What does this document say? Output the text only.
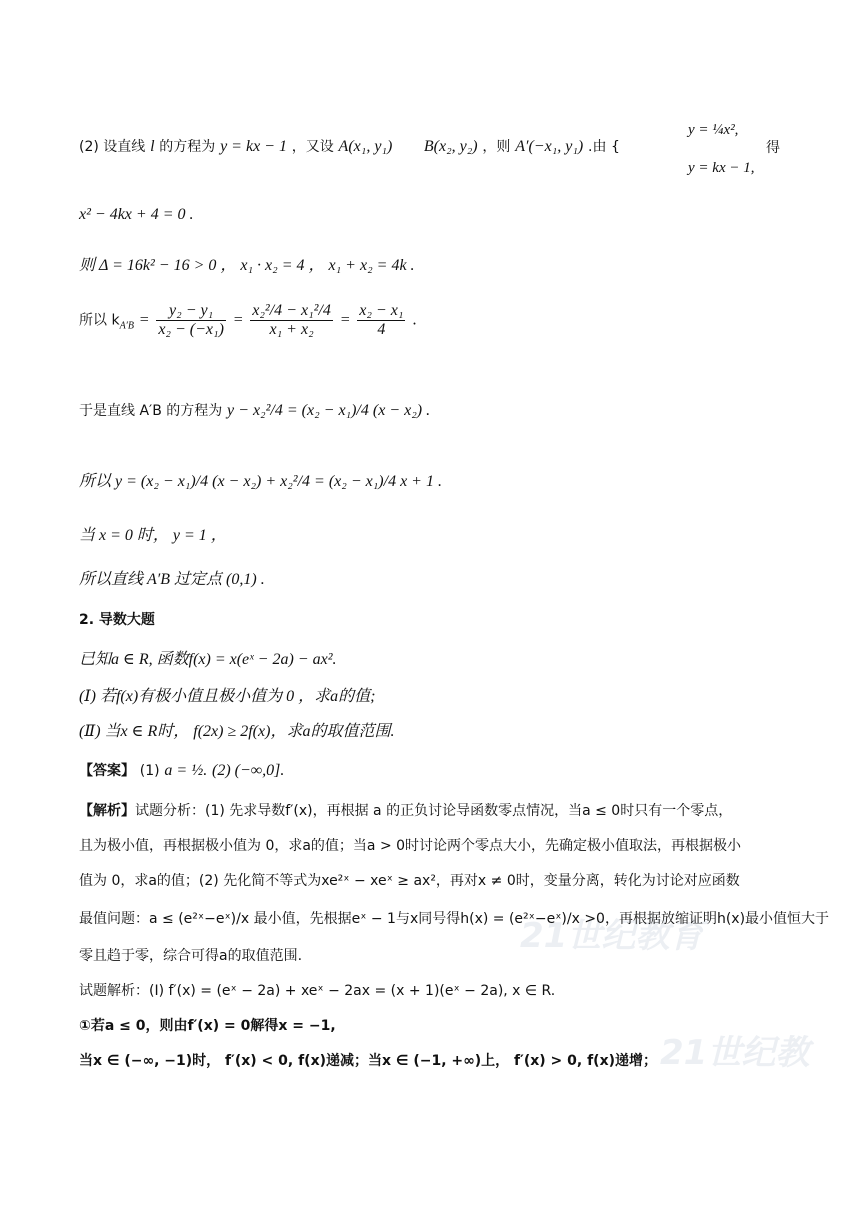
21世纪教育
21世纪教
(2) 设直线 l 的方程为 y = kx − 1 ，又设 A(x₁, y₁) B(x₂, y₂) ，则 A′(−x₁, y₁) .由 {
y = ¼x²,
y = kx − 1,
得
x² − 4kx + 4 = 0 .
则 Δ = 16k² − 16 > 0 ， x₁ · x₂ = 4 ， x₁ + x₂ = 4k .
所以 $k_{A'B} = \frac{\text{y₂ − y₁}}{\text{x₂ − (−x₁)}} = \frac{\text{x₂²/4 − x₁²/4}}{\text{x₁ + x₂}} = \frac{\text{x₂ − x₁}}{4}$ .
于是直线 A′B 的方程为 y − x₂²/4 = (x₂ − x₁)/4 (x − x₂) .
所以 y = (x₂ − x₁)/4 (x − x₂) + x₂²/4 = (x₂ − x₁)/4 x + 1 .
当 x = 0 时， y = 1 ，
所以直线 A′B 过定点 (0,1) .
2. 导数大题
已知a ∈ R, 函数f(x) = x(eˣ − 2a) − ax².
(Ⅰ) 若f(x)有极小值且极小值为 0 ，求a的值;
(Ⅱ) 当x ∈ R时， f(2x) ≥ 2f(x)，求a的取值范围.
【答案】 (1) a = ½. (2) (−∞,0].
【解析】试题分析：(1) 先求导数f′(x)，再根据 a 的正负讨论导函数零点情况，当a ≤ 0时只有一个零点，
且为极小值，再根据极小值为 0，求a的值；当a > 0时讨论两个零点大小，先确定极小值取法，再根据极小
值为 0，求a的值；(2) 先化简不等式为xe²ˣ − xeˣ ≥ ax²，再对x ≠ 0时，变量分离，转化为讨论对应函数
最值问题：a ≤ (e²ˣ−eˣ)/x 最小值，先根据eˣ − 1与x同号得h(x) = (e²ˣ−eˣ)/x >0，再根据放缩证明h(x)最小值恒大于
零且趋于零，综合可得a的取值范围.
试题解析：(Ⅰ) f′(x) = (eˣ − 2a) + xeˣ − 2ax = (x + 1)(eˣ − 2a), x ∈ R.
①若a ≤ 0，则由f′(x) = 0解得x = −1,
当x ∈ (−∞, −1)时， f′(x) < 0, f(x)递减；当x ∈ (−1, +∞)上， f′(x) > 0, f(x)递增；
